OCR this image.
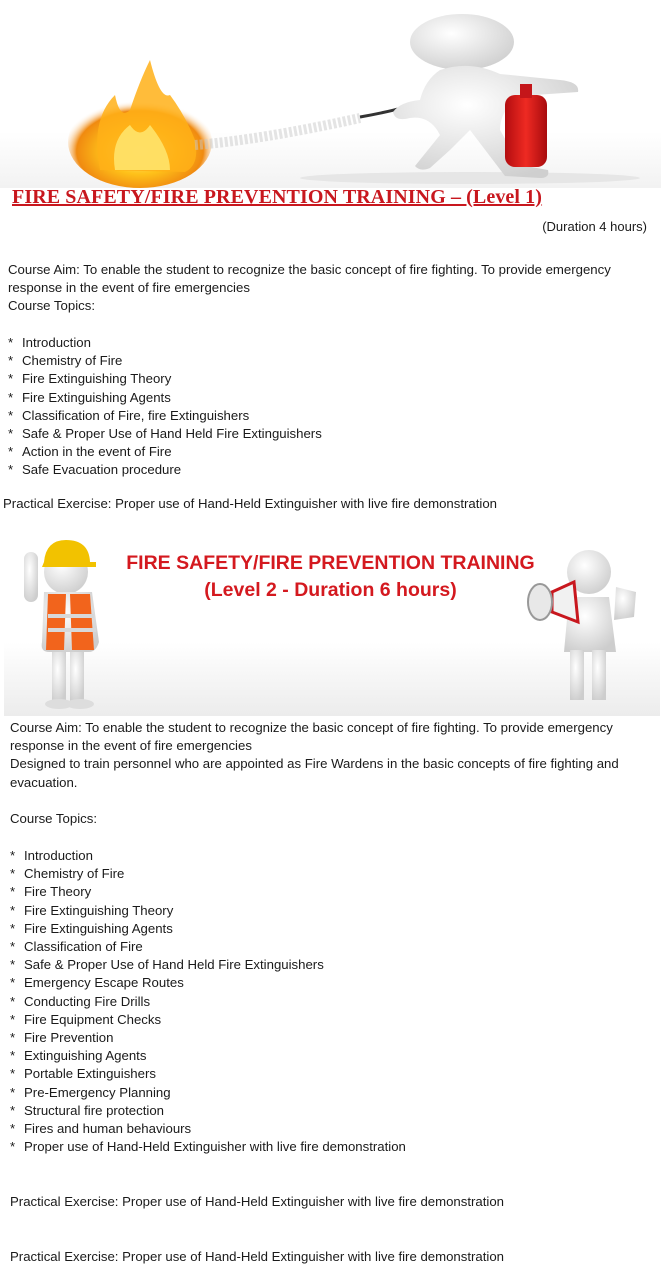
FIRE SAFETY/FIRE PREVENTION TRAINING – (Level 1)
(Duration 4 hours)
Course Aim: To enable the student to recognize the basic concept of fire fighting. To provide emergency
response in the event of fire emergencies
Course Topics:
* Introduction
* Chemistry of Fire
* Fire Extinguishing Theory
* Fire Extinguishing Agents
* Classification of Fire, fire Extinguishers
* Safe & Proper Use of Hand Held Fire Extinguishers
* Action in the event of Fire
* Safe Evacuation procedure
Practical Exercise: Proper use of Hand-Held Extinguisher with live fire demonstration
FIRE SAFETY/FIRE PREVENTION TRAINING
(Level 2 - Duration 6 hours)
Course Aim: To enable the student to recognize the basic concept of fire fighting. To provide emergency
response in the event of fire emergencies
Designed to train personnel who are appointed as Fire Wardens in the basic concepts of fire fighting and
evacuation.
Course Topics:
* Introduction
* Chemistry of Fire
* Fire Theory
* Fire Extinguishing Theory
* Fire Extinguishing Agents
* Classification of Fire
* Safe & Proper Use of Hand Held Fire Extinguishers
* Emergency Escape Routes
* Conducting Fire Drills
* Fire Equipment Checks
* Fire Prevention
* Extinguishing Agents
* Portable Extinguishers
* Pre-Emergency Planning
* Structural fire protection
* Fires and human behaviours
* Proper use of Hand-Held Extinguisher with live fire demonstration
Practical Exercise: Proper use of Hand-Held Extinguisher with live fire demonstration
Practical Exercise: Proper use of Hand-Held Extinguisher with live fire demonstration
